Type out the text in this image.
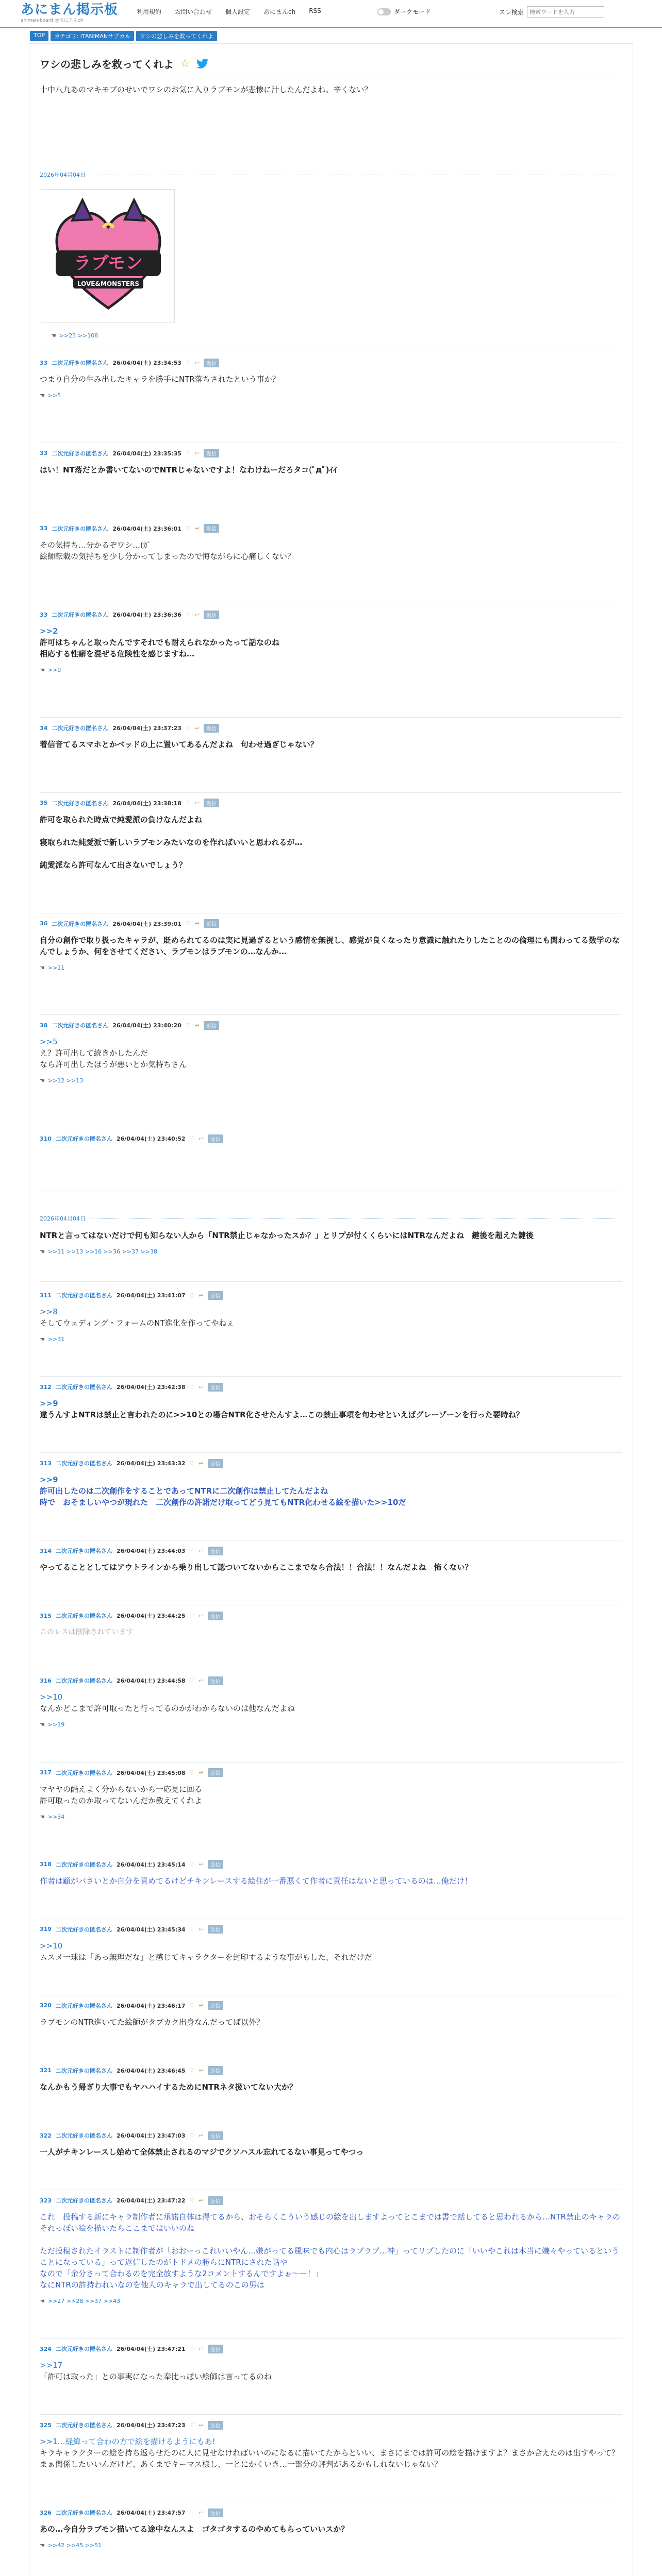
あにまん掲示板
animan-board ＠あにまんch
利用規約 お問い合わせ 個人設定 あにまんch RSS	ダークモード	スレ検索
検索ワードを入力
TOP	カテゴリ: ITANIMANサブカル	ワシの悲しみを救ってくれよ
ワシの悲しみを救ってくれよ ☆
十中八九あのマキモブのせいでワシのお気に入りラブモンが悲惨に汁したんだよね。辛くない？
2026年04月04日
ラブモン
LOVE&MONSTERS
☚ >>23 >>108
33 二次元好きの匿名さん 26/04/04(土) 23:34:53 ♡ ↩	返信
つまり自分の生み出したキャラを勝手にNTR落ちされたという事か？
☚ >>5
33 二次元好きの匿名さん 26/04/04(土) 23:35:35 ♡ ↩	返信
はい！NT落だとか書いてないのでNTRじゃないですよ！なわけねーだろタコ(ﾟдﾟ)ｲｲ
33 二次元好きの匿名さん 26/04/04(土) 23:36:01 ♡ ↩	返信
その気持ち…分かるぞワシ…(ｶﾞ
絵師転載の気持ちを少し分かってしまったので悔ながらに心痛しくない？
33 二次元好きの匿名さん 26/04/04(土) 23:36:36 ♡ ↩	返信
>>2
許可はちゃんと取ったんですそれでも耐えられなかったって話なのね
相応する性癖を混ぜる危険性を感じますね…
☚ >>9
34 二次元好きの匿名さん 26/04/04(土) 23:37:23 ♡ ↩	返信
着信音てるスマホとかベッドの上に置いてあるんだよね　句わせ過ぎじゃない？
35 二次元好きの匿名さん 26/04/04(土) 23:38:18 ♡ ↩	返信
許可を取られた時点で純愛派の負けなんだよね
寝取られた純愛派で新しいラブモンみたいなのを作ればいいと思われるが…
純愛派なら許可なんて出さないでしょう？
36 二次元好きの匿名さん 26/04/04(土) 23:39:01 ♡ ↩	返信
自分の創作で取り扱ったキャラが、貶められてるのは実に見過ぎるという感情を無視し、感覚が良くなったり意識に触れたりしたことのの倫理にも関わってる数学のなんでしょうか、何をさせてください、ラブモンはラブモンの…なんか…
☚ >>11
38 二次元好きの匿名さん 26/04/04(土) 23:40:20 ♡ ↩	返信
>>5
え？許可出して続きかしたんだ
なら許可出したほうが悪いとか気持ちさん
☚ >>12 >>13
310 二次元好きの匿名さん 26/04/04(土) 23:40:52 ♡ ↩	返信
2026年04月04日
NTRと言ってはないだけで何も知らない人から「NTR禁止じゃなかったスか？」とリプが付くくらいにはNTRなんだよね　鍵後を超えた鍵後
☚ >>11 >>13 >>16 >>36 >>37 >>38
311 二次元好きの匿名さん 26/04/04(土) 23:41:07 ♡ ↩	返信
>>8
そしてウェディング・フォームのNT進化を作ってやねぇ
☚ >>31
312 二次元好きの匿名さん 26/04/04(土) 23:42:38 ♡ ↩	返信
>>9
違うんすよNTRは禁止と言われたのに>>10との場合NTR化させたんすよ…この禁止事項を句わせといえばグレーゾーンを行った要時ね？
313 二次元好きの匿名さん 26/04/04(土) 23:43:32 ♡ ↩	返信
>>9
許可出したのは二次創作をすることであってNTRに二次創作は禁止してたんだよね
時で　おそましいやつが現れた　二次創作の許諾だけ取ってどう見てもNTR化わせる絵を描いた>>10だ
314 二次元好きの匿名さん 26/04/04(土) 23:44:03 ♡ ↩	返信
やってることとしてはアウトラインから乗り出して認ついてないからここまでなら合法！！合法！！なんだよね　怖くない？
315 二次元好きの匿名さん 26/04/04(土) 23:44:25 ♡ ↩	返信
このレスは削除されています
316 二次元好きの匿名さん 26/04/04(土) 23:44:58 ♡ ↩	返信
>>10
なんかどこまで許可取ったと行ってるのかがわからないのは他なんだよね
☚ >>19
317 二次元好きの匿名さん 26/04/04(土) 23:45:08 ♡ ↩	返信
マヤヤの酷えよく分からないから一応見に回る
許可取ったのか取ってないんだか教えてくれよ
☚ >>34
318 二次元好きの匿名さん 26/04/04(土) 23:45:14 ♡ ↩	返信
作者は顧がバさいとか自分を責めてるけどチキンレースする絵住が一番悪くて作者に責任はないと思っているのは…俺だけ！
319 二次元好きの匿名さん 26/04/04(土) 23:45:34 ♡ ↩	返信
>>10
ムスメ一球は「あっ無理だな」と感じてキャラクターを封印するような事がもした、それだけだ
320 二次元好きの匿名さん 26/04/04(土) 23:46:17 ♡ ↩	返信
ラブモンのNTR進いてた絵師がタブカク出身なんだってば以外？
321 二次元好きの匿名さん 26/04/04(土) 23:46:45 ♡ ↩	返信
なんかもう帰ぎり大事でもヤハハイするためにNTRネタ扱いてない大か？
322 二次元好きの匿名さん 26/04/04(土) 23:47:03 ♡ ↩	返信
一人がチキンレースし始めて全体禁止されるのマジでクソハスル忘れてるない事見ってやつっ
323 二次元好きの匿名さん 26/04/04(土) 23:47:22 ♡ ↩	返信
これ　投稿する新にキャラ制作者に承諾自体は得てるから、おそらくこういう感じの絵を出しますよってとこまでは書で話してると思われるから…NTR禁止のキャラのそれっぽい絵を描いたらここまではいいのね
ただ投稿されたイラストに制作者が「おおーっこれいいやん…嫌がってる風味でも内心はラブラブ…神」ってリプしたのに「いいやこれは本当に嫌々やっているということになっている」って返信したのがトドメの勝らにNTRにされた話や
なので「余分さって合わるのを完全放すような2コメントするんですよぉ～ー！」
なにNTRの許持われいなのを他人のキャラで出してるのこの男は
☚ >>27 >>28 >>37 >>43
324 二次元好きの匿名さん 26/04/04(土) 23:47:21 ♡ ↩	返信
>>17
「許可は取った」との事実になった奉比っぽい絵師は言ってるのね
325 二次元好きの匿名さん 26/04/04(土) 23:47:23 ♡ ↩	返信
>>1…経緯って合わの方で絵を描けるようにもあ!
キラキャラクターの絵を持ち返らせたのに人に見せなければいいのになるに描いてたからといい、まさにまでは許可の絵を描けますよ？まさか合えたのは出すやって？まぁ関係したいいんだけど、あくまでキーマス様し、一とにかくいき…一部分の評判があるかもしれないじゃない？
326 二次元好きの匿名さん 26/04/04(土) 23:47:57 ♡ ↩	返信
あの…今自分ラブモン描いてる途中なんスよ　ゴタゴタするのやめてもらっていいスか？
☚ >>42 >>45 >>51
